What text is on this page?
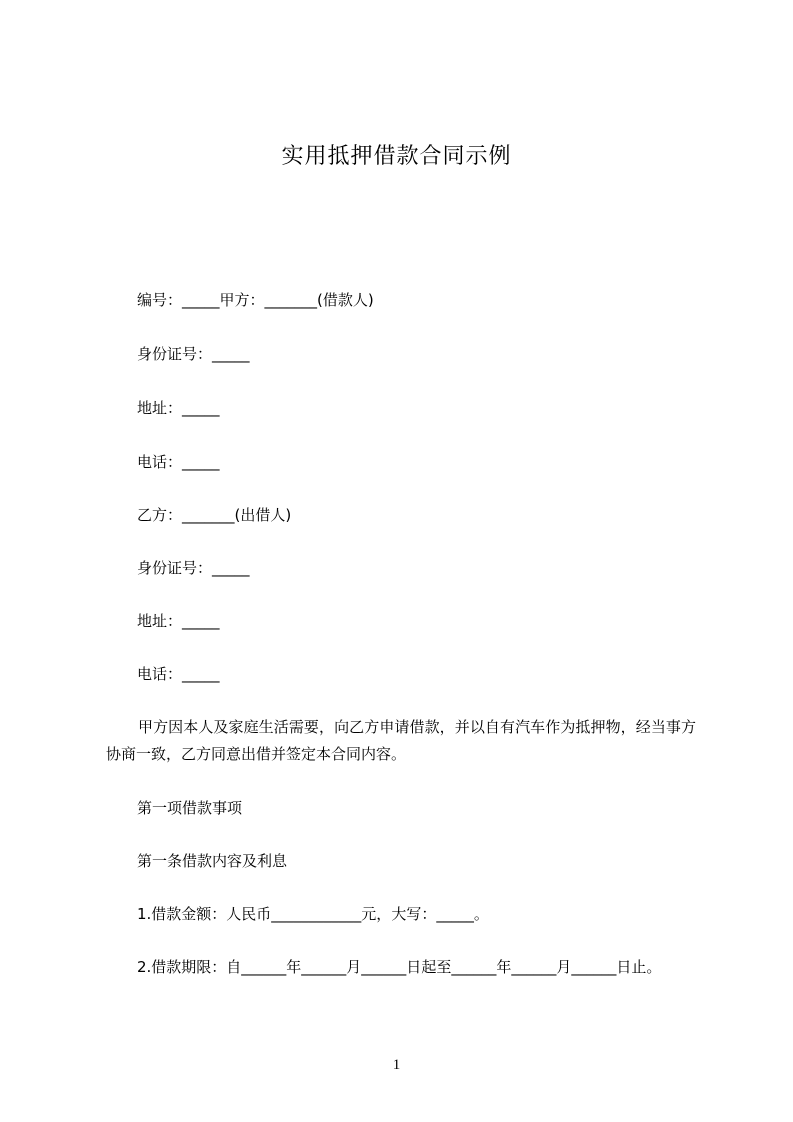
实用抵押借款合同示例
编号：_____甲方：_______(借款人)
身份证号：_____
地址：_____
电话：_____
乙方：_______(出借人)
身份证号：_____
地址：_____
电话：_____
甲方因本人及家庭生活需要，向乙方申请借款，并以自有汽车作为抵押物，经当事方协商一致，乙方同意出借并签定本合同内容。
第一项借款事项
第一条借款内容及利息
1.借款金额：人民币____________元，大写：_____。
2.借款期限：自______年______月______日起至______年______月______日止。
1
